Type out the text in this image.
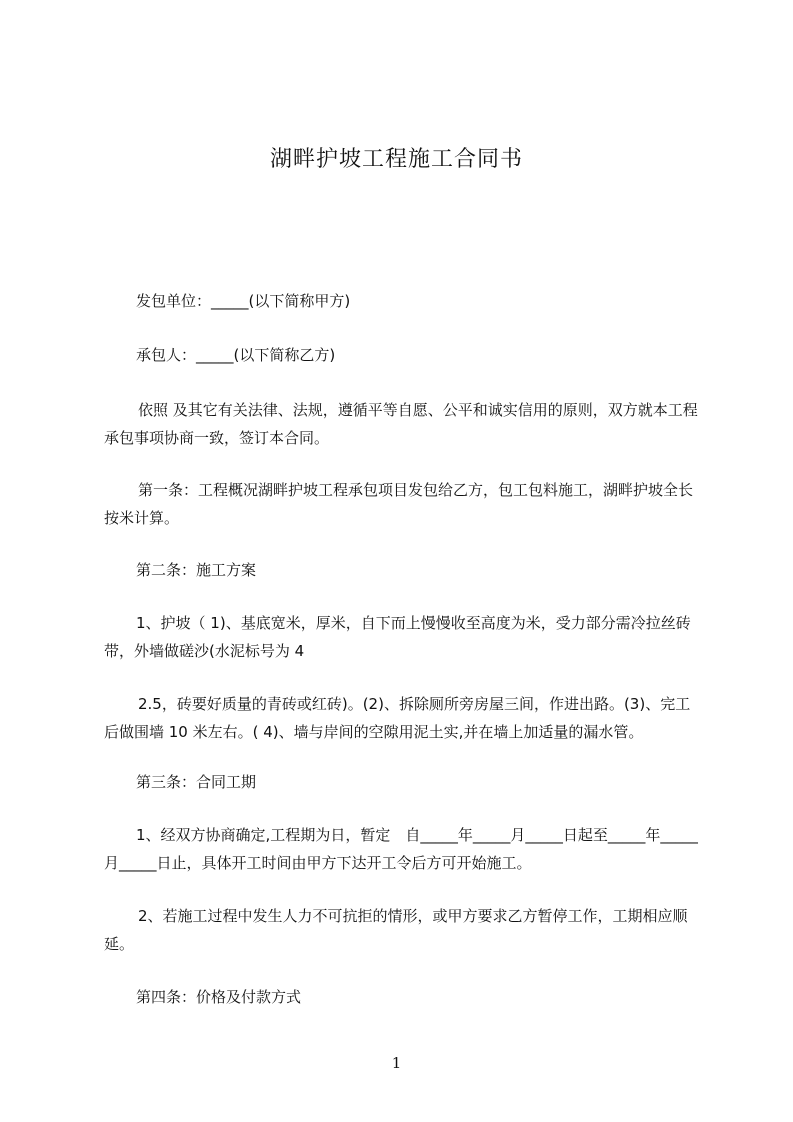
湖畔护坡工程施工合同书

发包单位：_____(以下简称甲方)

承包人：_____(以下简称乙方)

依照 及其它有关法律、法规，遵循平等自愿、公平和诚实信用的原则，双方就本工程承包事项协商一致，签订本合同。

第一条：工程概况湖畔护坡工程承包项目发包给乙方，包工包料施工，湖畔护坡全长按米计算。

第二条：施工方案

1、护坡（ 1)、基底宽米，厚米，自下而上慢慢收至高度为米，受力部分需冷拉丝砖带，外墙做磋沙(水泥标号为 4

2.5，砖要好质量的青砖或红砖)。(2)、拆除厕所旁房屋三间，作进出路。(3)、完工后做围墙 10 米左右。( 4)、墙与岸间的空隙用泥土实,并在墙上加适量的漏水管。

第三条：合同工期

1、经双方协商确定,工程期为日，暂定　自_____年_____月_____日起至_____年_____月_____日止，具体开工时间由甲方下达开工令后方可开始施工。

2、若施工过程中发生人力不可抗拒的情形，或甲方要求乙方暂停工作，工期相应顺延。

第四条：价格及付款方式

1
